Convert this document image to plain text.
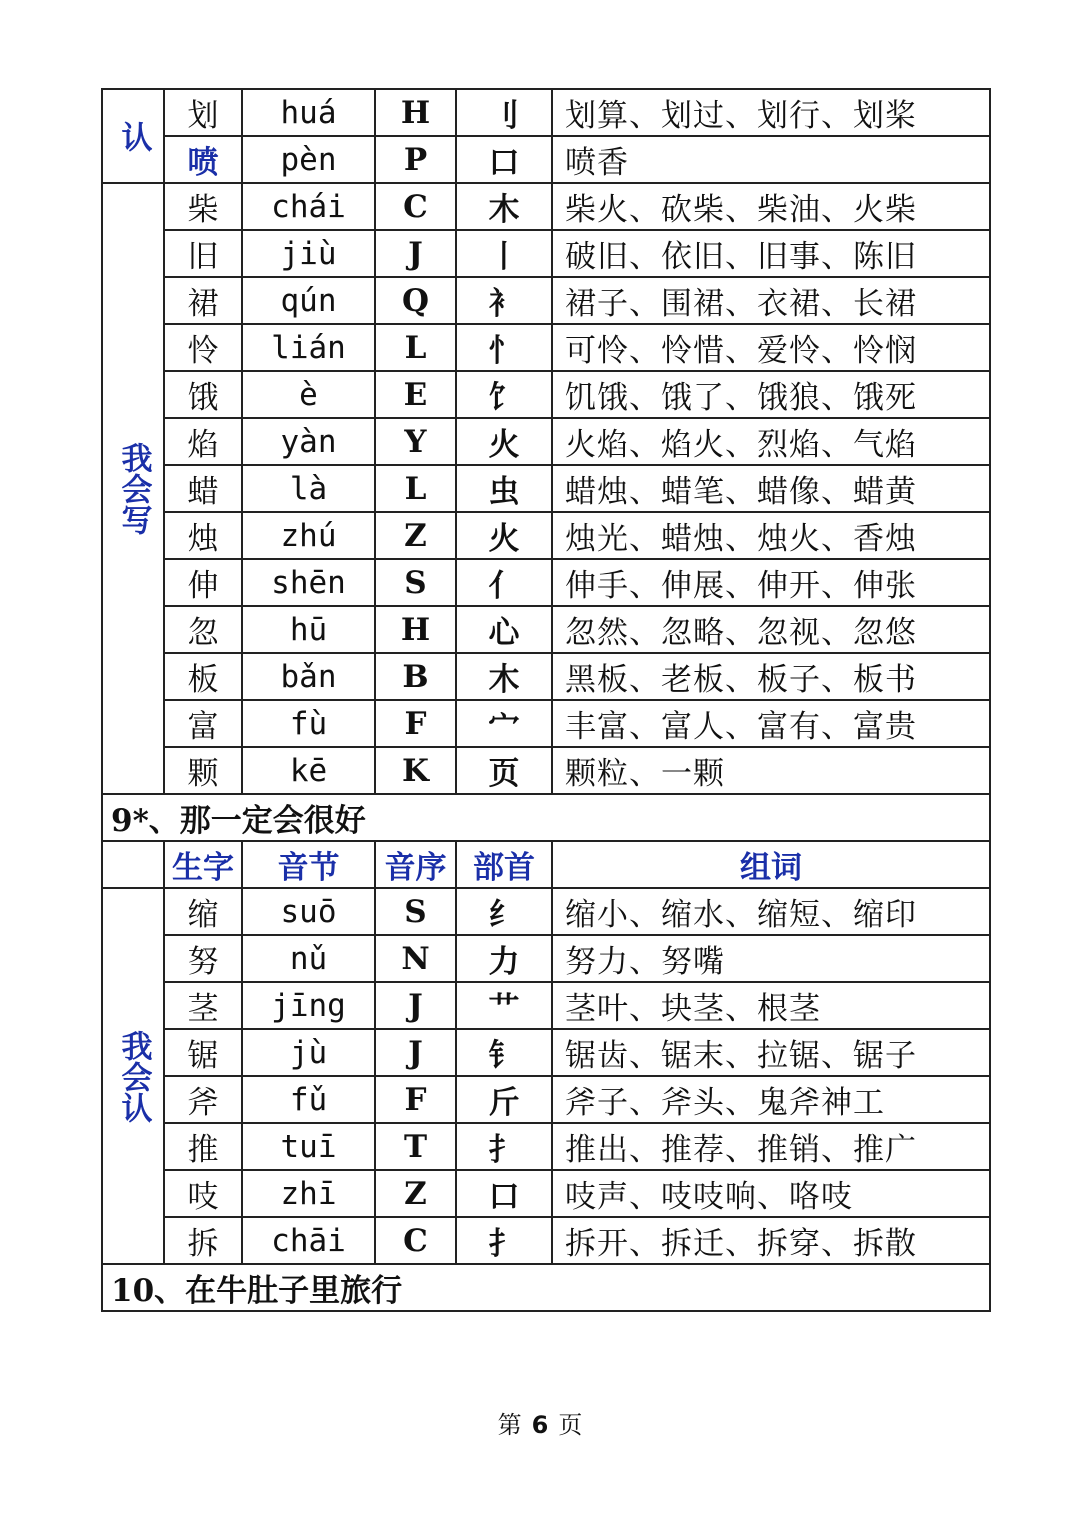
认	划	huá	H	刂	划算、划过、划行、划桨
	喷	pèn	P	口	喷香
我会写	柴	chái	C	木	柴火、砍柴、柴油、火柴
	旧	jiù	J	丨	破旧、依旧、旧事、陈旧
	裙	qún	Q	衤	裙子、围裙、衣裙、长裙
	怜	lián	L	忄	可怜、怜惜、爱怜、怜悯
	饿	è	E	饣	饥饿、饿了、饿狼、饿死
	焰	yàn	Y	火	火焰、焰火、烈焰、气焰
	蜡	là	L	虫	蜡烛、蜡笔、蜡像、蜡黄
	烛	zhú	Z	火	烛光、蜡烛、烛火、香烛
	伸	shēn	S	亻	伸手、伸展、伸开、伸张
	忽	hū	H	心	忽然、忽略、忽视、忽悠
	板	bǎn	B	木	黑板、老板、板子、板书
	富	fù	F	宀	丰富、富人、富有、富贵
	颗	kē	K	页	颗粒、一颗
9*、那一定会很好					
	生字	音节	音序	部首	组词
我会认	缩	suō	S	纟	缩小、缩水、缩短、缩印
	努	nǔ	N	力	努力、努嘴
	茎	jīng	J	艹	茎叶、块茎、根茎
	锯	jù	J	钅	锯齿、锯末、拉锯、锯子
	斧	fǔ	F	斤	斧子、斧头、鬼斧神工
	推	tuī	T	扌	推出、推荐、推销、推广
	吱	zhī	Z	口	吱声、吱吱响、咯吱
	拆	chāi	C	扌	拆开、拆迁、拆穿、拆散
10、在牛肚子里旅行					
第 6 页
